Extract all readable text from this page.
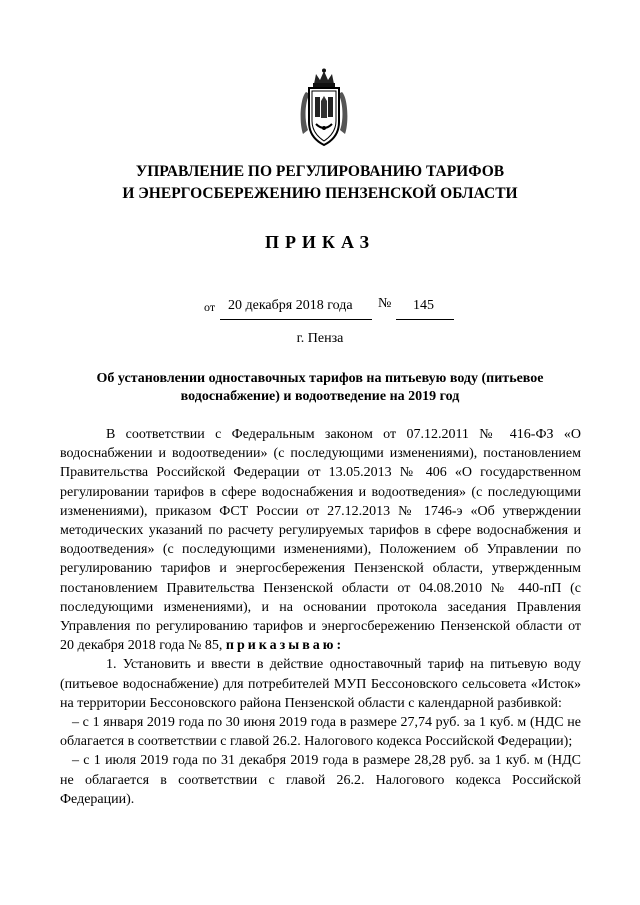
УПРАВЛЕНИЕ ПО РЕГУЛИРОВАНИЮ ТАРИФОВ
И ЭНЕРГОСБЕРЕЖЕНИЮ ПЕНЗЕНСКОЙ ОБЛАСТИ
ПРИКАЗ
от 20 декабря 2018 года № 145
г. Пенза
Об установлении одноставочных тарифов на питьевую воду (питьевое
водоснабжение) и водоотведение на 2019 год

В соответствии с Федеральным законом от 07.12.2011 № 416-ФЗ «О водоснабжении и водоотведении» (с последующими изменениями), постановлением Правительства Российской Федерации от 13.05.2013 № 406 «О государственном регулировании тарифов в сфере водоснабжения и водоотведения» (с последующими изменениями), приказом ФСТ России от 27.12.2013 № 1746-э «Об утверждении методических указаний по расчету регулируемых тарифов в сфере водоснабжения и водоотведения» (с последующими изменениями), Положением об Управлении по регулированию тарифов и энергосбережения Пензенской области, утвержденным постановлением Правительства Пензенской области от 04.08.2010 № 440-пП (с последующими изменениями), и на основании протокола заседания Правления Управления по регулированию тарифов и энергосбережению Пензенской области от 20 декабря 2018 года № 85, приказываю:

1. Установить и ввести в действие одноставочный тариф на питьевую воду (питьевое водоснабжение) для потребителей МУП Бессоновского сельсовета «Исток» на территории Бессоновского района Пензенской области с календарной разбивкой:

– с 1 января 2019 года по 30 июня 2019 года в размере 27,74 руб. за 1 куб. м (НДС не облагается в соответствии с главой 26.2. Налогового кодекса Российской Федерации);

– с 1 июля 2019 года по 31 декабря 2019 года в размере 28,28 руб. за 1 куб. м (НДС не облагается в соответствии с главой 26.2. Налогового кодекса Российской Федерации).
